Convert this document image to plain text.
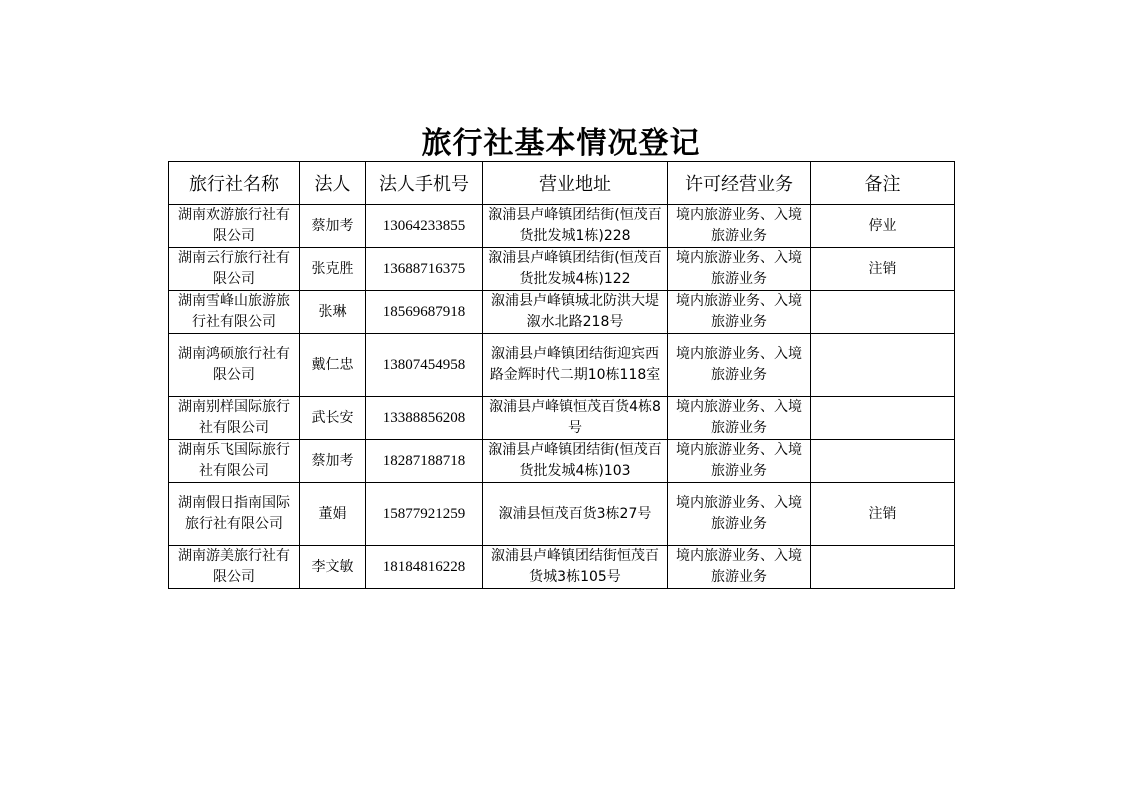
旅行社基本情况登记
旅行社名称	法人	法人手机号	营业地址	许可经营业务	备注
湖南欢游旅行社有限公司	蔡加考	13064233855	溆浦县卢峰镇团结街(恒茂百货批发城1栋)228	境内旅游业务、入境旅游业务	停业
湖南云行旅行社有限公司	张克胜	13688716375	溆浦县卢峰镇团结街(恒茂百货批发城4栋)122	境内旅游业务、入境旅游业务	注销
湖南雪峰山旅游旅行社有限公司	张琳	18569687918	溆浦县卢峰镇城北防洪大堤溆水北路218号	境内旅游业务、入境旅游业务	
湖南鸿硕旅行社有限公司	戴仁忠	13807454958	溆浦县卢峰镇团结街迎宾西路金辉时代二期10栋118室	境内旅游业务、入境旅游业务	
湖南别样国际旅行社有限公司	武长安	13388856208	溆浦县卢峰镇恒茂百货4栋8号	境内旅游业务、入境旅游业务	
湖南乐飞国际旅行社有限公司	蔡加考	18287188718	溆浦县卢峰镇团结街(恒茂百货批发城4栋)103	境内旅游业务、入境旅游业务	
湖南假日指南国际旅行社有限公司	董娟	15877921259	溆浦县恒茂百货3栋27号	境内旅游业务、入境旅游业务	注销
湖南游美旅行社有限公司	李文敏	18184816228	溆浦县卢峰镇团结街恒茂百货城3栋105号	境内旅游业务、入境旅游业务	
